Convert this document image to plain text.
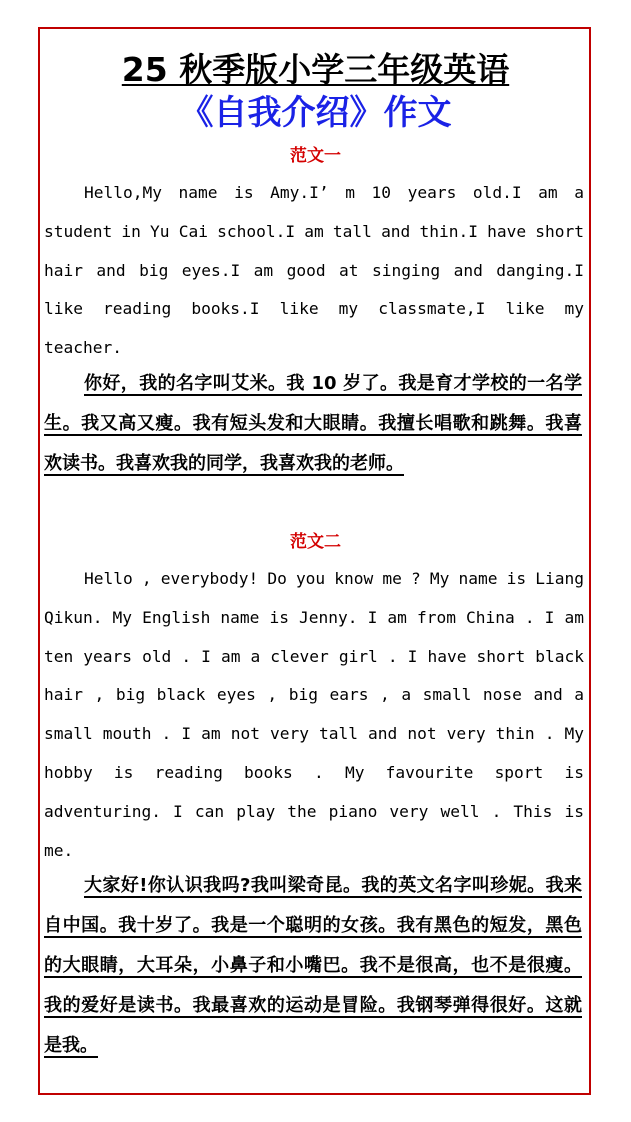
25 秋季版小学三年级英语
《自我介绍》作文
范文一

Hello,My name is Amy.I’ m 10 years old.I am a student in Yu Cai school.I am tall and thin.I have short hair and big eyes.I am good at singing and danging.I like reading books.I like my classmate,I like my teacher.

你好，我的名字叫艾米。我 10 岁了。我是育才学校的一名学生。我又高又瘦。我有短头发和大眼睛。我擅长唱歌和跳舞。我喜欢读书。我喜欢我的同学，我喜欢我的老师。

范文二

Hello , everybody! Do you know me ? My name is Liang Qikun. My English name is Jenny. I am from China . I am ten years old . I am a clever girl . I have short black hair , big black eyes , big ears , a small nose and a small mouth . I am not very tall and not very thin . My hobby is reading books . My favourite sport is adventuring. I can play the piano very well . This is me.

大家好!你认识我吗?我叫梁奇昆。我的英文名字叫珍妮。我来自中国。我十岁了。我是一个聪明的女孩。我有黑色的短发，黑色的大眼睛，大耳朵，小鼻子和小嘴巴。我不是很高，也不是很瘦。我的爱好是读书。我最喜欢的运动是冒险。我钢琴弹得很好。这就是我。
